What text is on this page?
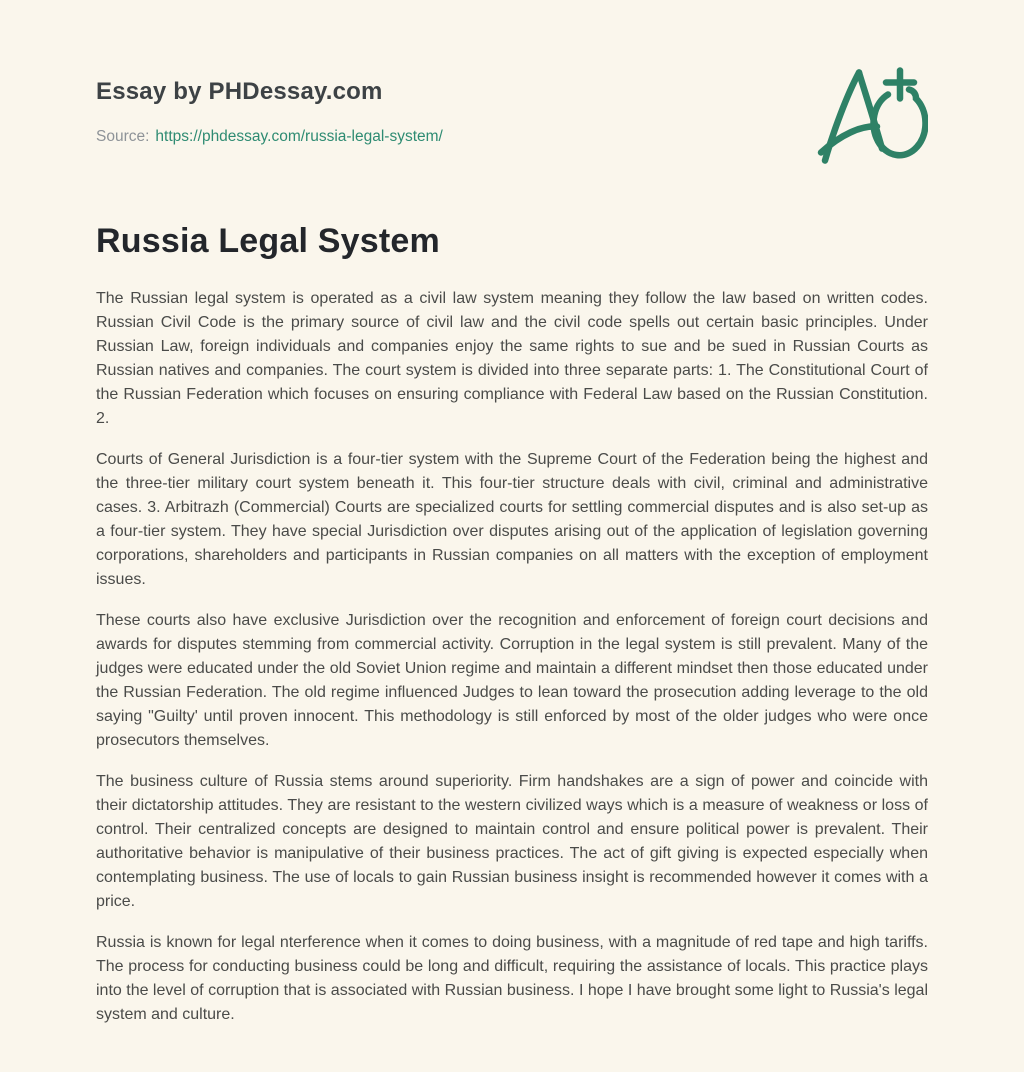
Essay by PHDessay.com
Source: https://phdessay.com/russia-legal-system/
Russia Legal System

The Russian legal system is operated as a civil law system meaning they follow the law based on written codes. Russian Civil Code is the primary source of civil law and the civil code spells out certain basic principles. Under Russian Law, foreign individuals and companies enjoy the same rights to sue and be sued in Russian Courts as Russian natives and companies. The court system is divided into three separate parts: 1. The Constitutional Court of the Russian Federation which focuses on ensuring compliance with Federal Law based on the Russian Constitution. 2.

Courts of General Jurisdiction is a four-tier system with the Supreme Court of the Federation being the highest and the three-tier military court system beneath it. This four-tier structure deals with civil, criminal and administrative cases. 3. Arbitrazh (Commercial) Courts are specialized courts for settling commercial disputes and is also set-up as a four-tier system. They have special Jurisdiction over disputes arising out of the application of legislation governing corporations, shareholders and participants in Russian companies on all matters with the exception of employment issues.

These courts also have exclusive Jurisdiction over the recognition and enforcement of foreign court decisions and awards for disputes stemming from commercial activity. Corruption in the legal system is still prevalent. Many of the judges were educated under the old Soviet Union regime and maintain a different mindset then those educated under the Russian Federation. The old regime influenced Judges to lean toward the prosecution adding leverage to the old saying "Guilty' until proven innocent. This methodology is still enforced by most of the older judges who were once prosecutors themselves.

The business culture of Russia stems around superiority. Firm handshakes are a sign of power and coincide with their dictatorship attitudes. They are resistant to the western civilized ways which is a measure of weakness or loss of control. Their centralized concepts are designed to maintain control and ensure political power is prevalent. Their authoritative behavior is manipulative of their business practices. The act of gift giving is expected especially when contemplating business. The use of locals to gain Russian business insight is recommended however it comes with a price.

Russia is known for legal nterference when it comes to doing business, with a magnitude of red tape and high tariffs. The process for conducting business could be long and difficult, requiring the assistance of locals. This practice plays into the level of corruption that is associated with Russian business. I hope I have brought some light to Russia's legal system and culture.
